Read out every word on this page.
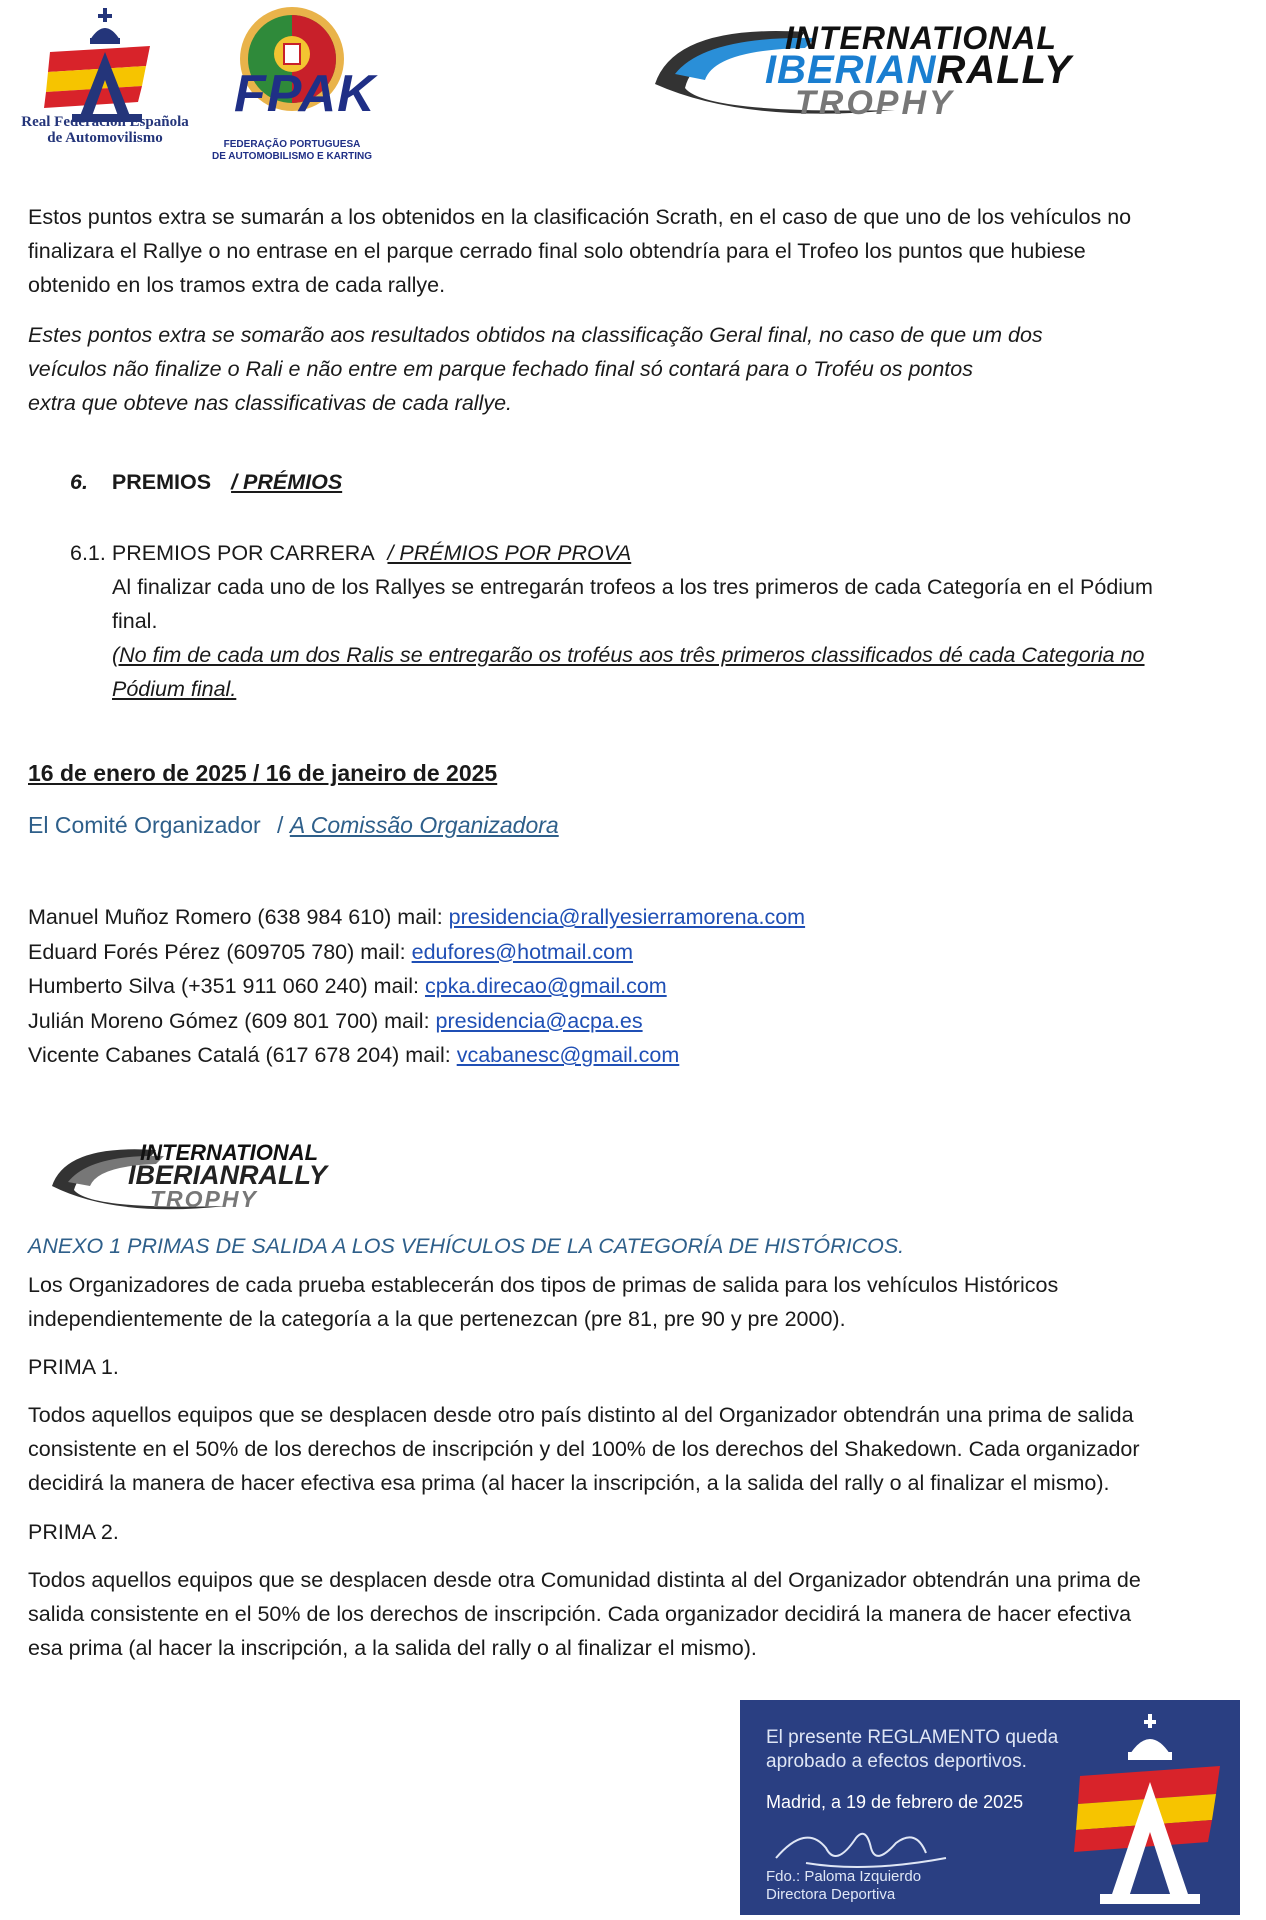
Real Federación Española
de Automovilismo
FPAK
FEDERAÇÃO PORTUGUESA
DE AUTOMOBILISMO E KARTING
INTERNATIONAL
IBERIANRALLY
TROPHY

Estos puntos extra se sumarán a los obtenidos en la clasificación Scrath, en el caso de que uno de los vehículos no

finalizara el Rallye o no entrase en el parque cerrado final solo obtendría para el Trofeo los puntos que hubiese

obtenido en los tramos extra de cada rallye.

Estes pontos extra se somarão aos resultados obtidos na classificação Geral final, no caso de que um dos

veículos não finalize o Rali e não entre em parque fechado final só contará para o Troféu os pontos

extra que obteve nas classificativas de cada rallye.

6. PREMIOS / PRÉMIOS
6.1. PREMIOS POR CARRERA / PRÉMIOS POR PROVA

Al finalizar cada uno de los Rallyes se entregarán trofeos a los tres primeros de cada Categoría en el Pódium

final.

(No fim de cada um dos Ralis se entregarão os troféus aos três primeros classificados dé cada Categoria no

Pódium final.

16 de enero de 2025 / 16 de janeiro de 2025
El Comité Organizador / A Comissão Organizadora
Manuel Muñoz Romero (638 984 610) mail: presidencia@rallyesierramorena.com
Eduard Forés Pérez (609705 780) mail: edufores@hotmail.com
Humberto Silva (+351 911 060 240) mail: cpka.direcao@gmail.com
Julián Moreno Gómez (609 801 700) mail: presidencia@acpa.es
Vicente Cabanes Catalá (617 678 204) mail: vcabanesc@gmail.com
INTERNATIONAL
IBERIANRALLY
TROPHY
ANEXO 1 PRIMAS DE SALIDA A LOS VEHÍCULOS DE LA CATEGORÍA DE HISTÓRICOS.

Los Organizadores de cada prueba establecerán dos tipos de primas de salida para los vehículos Históricos

independientemente de la categoría a la que pertenezcan (pre 81, pre 90 y pre 2000).

PRIMA 1.

Todos aquellos equipos que se desplacen desde otro país distinto al del Organizador obtendrán una prima de salida

consistente en el 50% de los derechos de inscripción y del 100% de los derechos del Shakedown. Cada organizador

decidirá la manera de hacer efectiva esa prima (al hacer la inscripción, a la salida del rally o al finalizar el mismo).

PRIMA 2.

Todos aquellos equipos que se desplacen desde otra Comunidad distinta al del Organizador obtendrán una prima de

salida consistente en el 50% de los derechos de inscripción. Cada organizador decidirá la manera de hacer efectiva

esa prima (al hacer la inscripción, a la salida del rally o al finalizar el mismo).

El presente REGLAMENTO queda
aprobado a efectos deportivos.
Madrid, a 19 de febrero de 2025
Fdo.: Paloma Izquierdo
Directora Deportiva
